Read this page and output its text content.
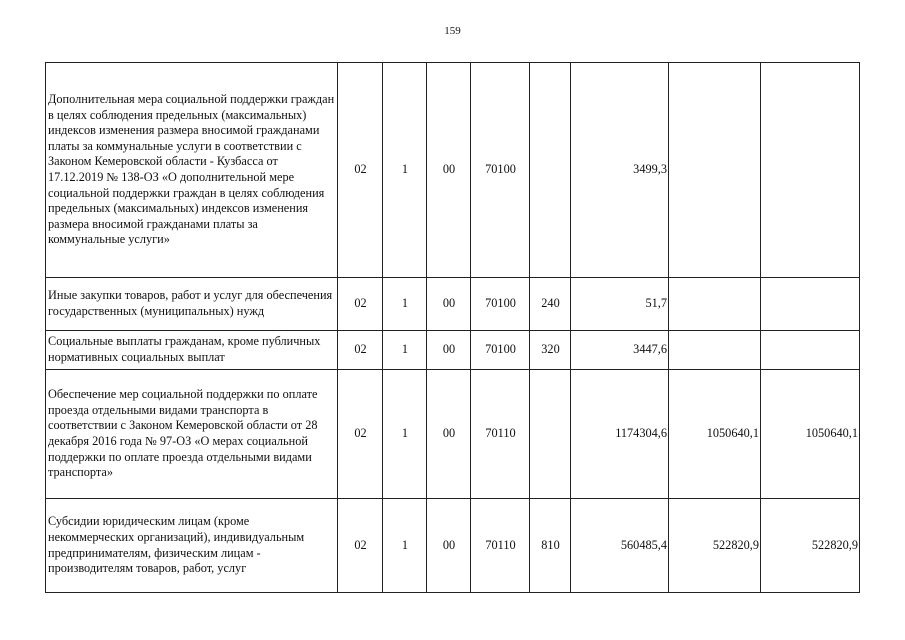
159
Дополнительная мера социальной поддержки граждан в целях соблюдения предельных (максимальных) индексов изменения размера вносимой гражданами платы за коммунальные услуги в соответствии с Законом Кемеровской области - Кузбасса от 17.12.2019 № 138-ОЗ «О дополнительной мере социальной поддержки граждан в целях соблюдения предельных (максимальных) индексов изменения размера вносимой гражданами платы за коммунальные услуги»	02	1	00	70100		3499,3		
Иные закупки товаров, работ и услуг для обеспечения государственных (муниципальных) нужд	02	1	00	70100	240	51,7		
Социальные выплаты гражданам, кроме публичных нормативных социальных выплат	02	1	00	70100	320	3447,6		
Обеспечение мер социальной поддержки по оплате проезда отдельными видами транспорта в соответствии с Законом Кемеровской области от 28 декабря 2016 года № 97-ОЗ «О мерах социальной поддержки по оплате проезда отдельными видами транспорта»	02	1	00	70110		1174304,6	1050640,1	1050640,1
Субсидии юридическим лицам (кроме некоммерческих организаций), индивидуальным предпринимателям, физическим лицам - производителям товаров, работ, услуг	02	1	00	70110	810	560485,4	522820,9	522820,9
